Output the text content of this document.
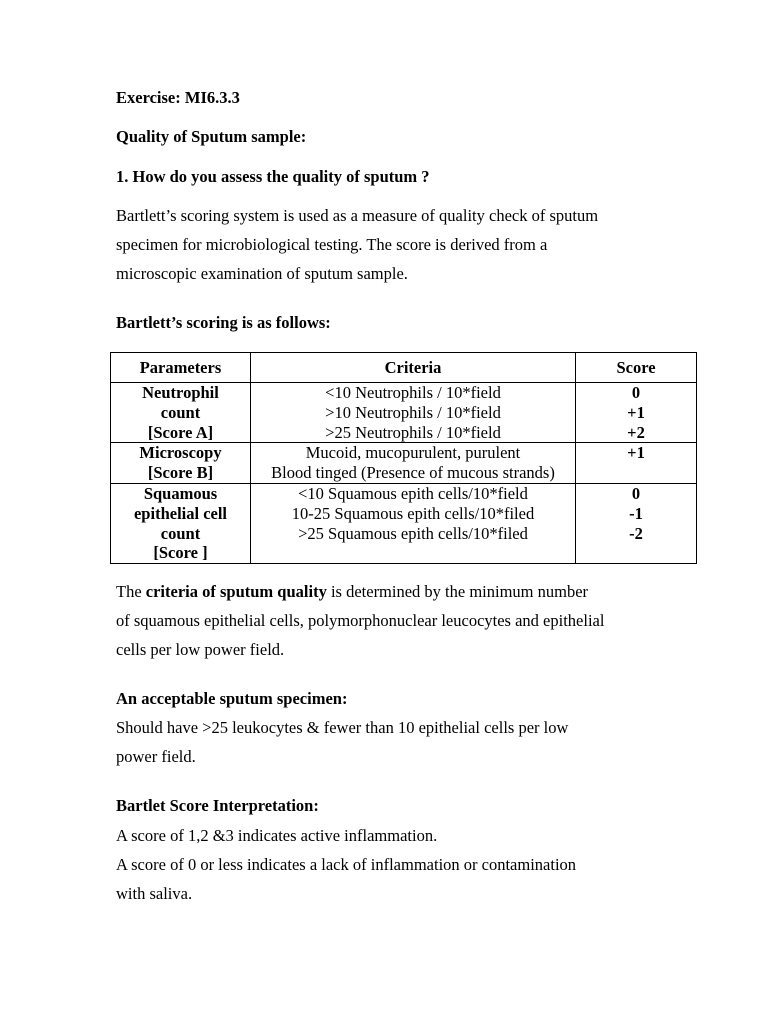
Exercise: MI6.3.3
Quality of Sputum sample:
1. How do you assess the quality of sputum ?
Bartlett’s scoring system is used as a measure of quality check of sputum
specimen for microbiological testing. The score is derived from a
microscopic examination of sputum sample.
Bartlett’s scoring is as follows:
Parameters	Criteria	Score

Neutrophil
count
[Score A]	<10 Neutrophils / 10*field
>10 Neutrophils / 10*field
>25 Neutrophils / 10*field	0
+1
+2

Microscopy
[Score B]	Mucoid, mucopurulent, purulent
Blood tinged (Presence of mucous strands)	+1

Squamous
epithelial cell
count
[Score ]	<10 Squamous epith cells/10*field
10-25 Squamous epith cells/10*filed
>25 Squamous epith cells/10*filed	0
-1
-2
The criteria of sputum quality is determined by the minimum number
of squamous epithelial cells, polymorphonuclear leucocytes and epithelial
cells per low power field.
An acceptable sputum specimen:
Should have >25 leukocytes & fewer than 10 epithelial cells per low
power field.
Bartlet Score Interpretation:
A score of 1,2 &3 indicates active inflammation.
A score of 0 or less indicates a lack of inflammation or contamination
with saliva.
